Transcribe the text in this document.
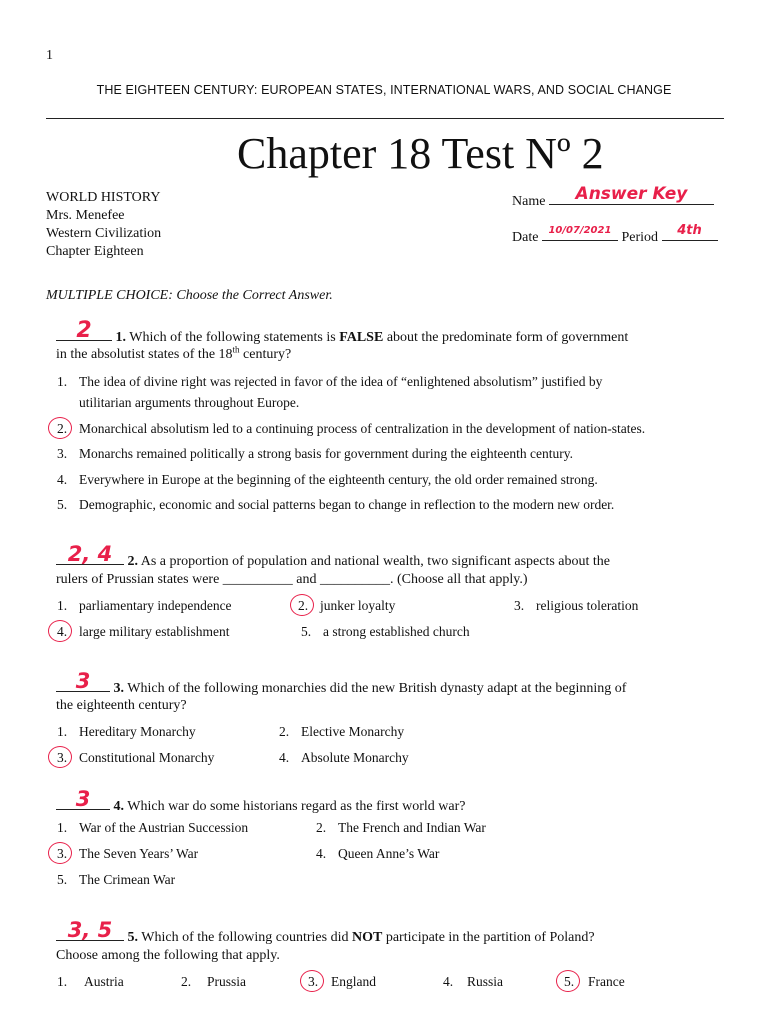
1
THE EIGHTEEN CENTURY: EUROPEAN STATES, INTERNATIONAL WARS, AND SOCIAL CHANGE
Chapter 18 Test Nº 2
WORLD HISTORY
Mrs. Menefee
Western Civilization
Chapter Eighteen
Name	Answer Key
Date	10/07/2021 Period	4th
MULTIPLE CHOICE: Choose the Correct Answer.
2	1. Which of the following statements is FALSE about the predominate form of government
in the absolutist states of the 18th century?
1. The idea of divine right was rejected in favor of the idea of “enlightened absolutism” justified by
utilitarian arguments throughout Europe.
2. Monarchical absolutism led to a continuing process of centralization in the development of nation-states.
3. Monarchs remained politically a strong basis for government during the eighteenth century.
4. Everywhere in Europe at the beginning of the eighteenth century, the old order remained strong.
5. Demographic, economic and social patterns began to change in reflection to the modern new order.
2, 4	2. As a proportion of population and national wealth, two significant aspects about the
rulers of Prussian states were __________ and __________. (Choose all that apply.)
1. parliamentary independence	2. junker loyalty	3. religious toleration
4. large military establishment	5. a strong established church
3	3. Which of the following monarchies did the new British dynasty adapt at the beginning of
the eighteenth century?
1. Hereditary Monarchy	2. Elective Monarchy
3. Constitutional Monarchy	4. Absolute Monarchy
3	4. Which war do some historians regard as the first world war?
1. War of the Austrian Succession	2. The French and Indian War
3. The Seven Years’ War	4. Queen Anne’s War
5. The Crimean War
3, 5	5. Which of the following countries did NOT participate in the partition of Poland?
Choose among the following that apply.
1. Austria	2. Prussia	3. England	4. Russia	5. France
